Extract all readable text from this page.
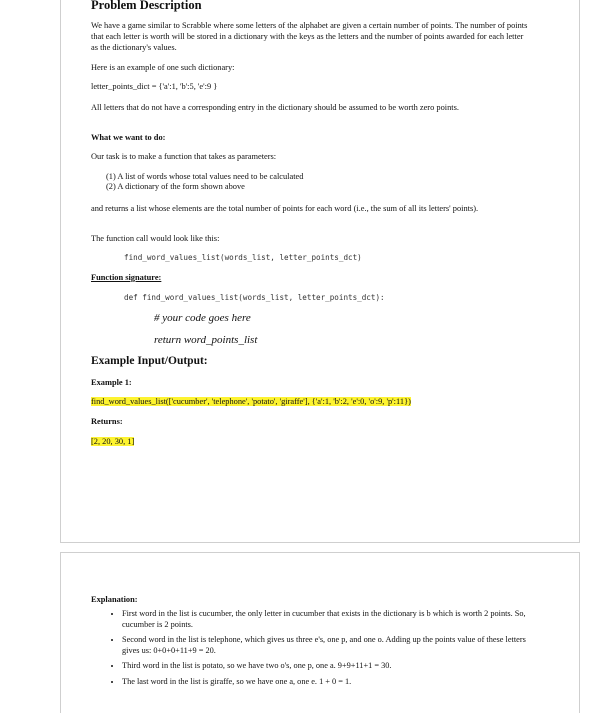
Problem Description
We have a game similar to Scrabble where some letters of the alphabet are given a certain number of points. The number of points that each letter is worth will be stored in a dictionary with the keys as the letters and the number of points awarded for each letter as the dictionary's values.
Here is an example of one such dictionary:
letter_points_dict = {'a':1, 'b':5, 'e':9 }
All letters that do not have a corresponding entry in the dictionary should be assumed to be worth zero points.
What we want to do:
Our task is to make a function that takes as parameters:
(1) A list of words whose total values need to be calculated
(2) A dictionary of the form shown above
and returns a list whose elements are the total number of points for each word (i.e., the sum of all its letters' points).
The function call would look like this:
find_word_values_list(words_list, letter_points_dct)
Function signature:
def find_word_values_list(words_list, letter_points_dct):
# your code goes here
return word_points_list
Example Input/Output:
Example 1:
find_word_values_list(['cucumber', 'telephone', 'potato', 'giraffe'], {'a':1, 'b':2, 'e':0, 'o':9, 'p':11})
Returns:
[2, 20, 30, 1]
Explanation:
• First word in the list is cucumber, the only letter in cucumber that exists in the dictionary is b which is worth 2 points. So, cucumber is 2 points.
• Second word in the list is telephone, which gives us three e's, one p, and one o. Adding up the points value of these letters gives us: 0+0+0+11+9 = 20.
• Third word in the list is potato, so we have two o's, one p, one a. 9+9+11+1 = 30.
• The last word in the list is giraffe, so we have one a, one e. 1 + 0 = 1.
